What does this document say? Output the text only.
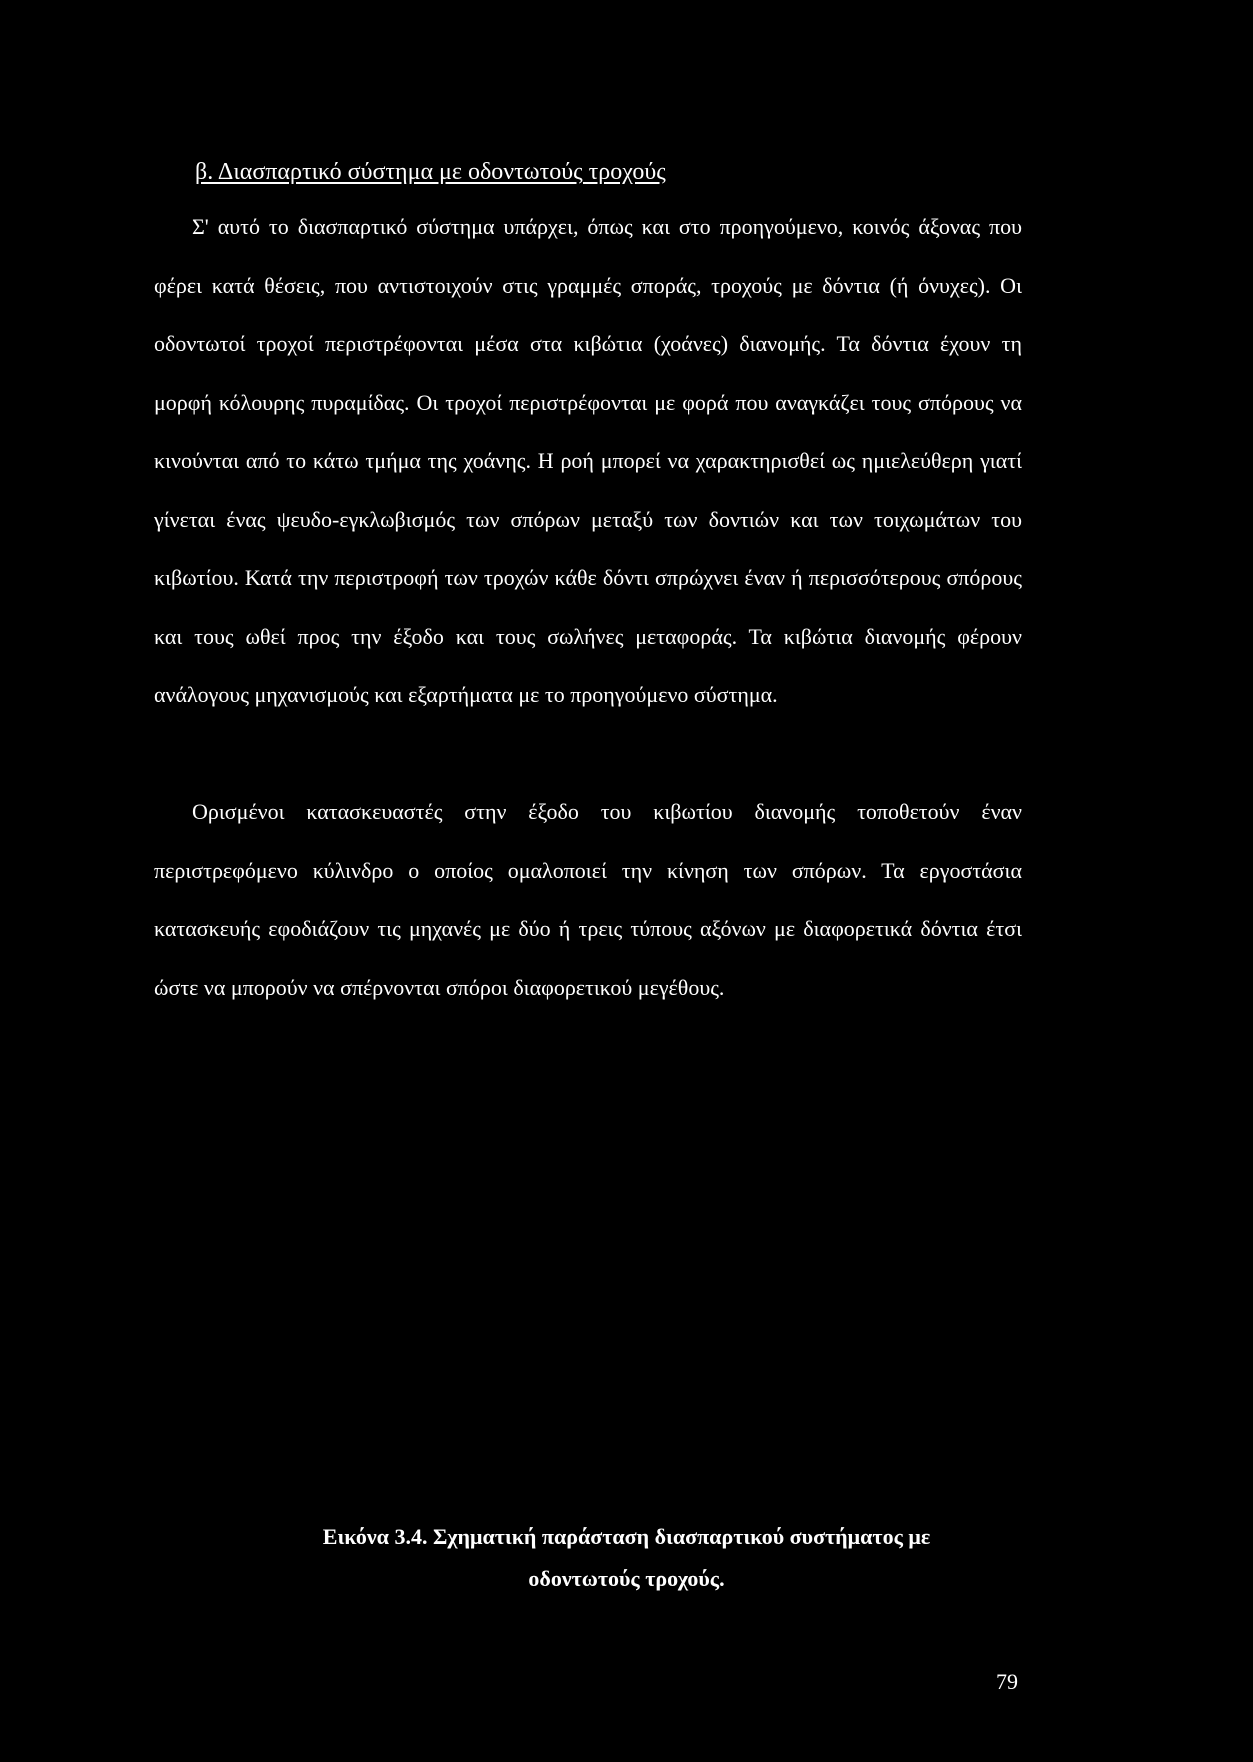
β. Διασπαρτικό σύστημα με οδοντωτούς τροχούς

Σ' αυτό το διασπαρτικό σύστημα υπάρχει, όπως και στο προηγούμενο, κοινός άξονας που φέρει κατά θέσεις, που αντιστοιχούν στις γραμμές σποράς, τροχούς με δόντια (ή όνυχες). Οι οδοντωτοί τροχοί περιστρέφονται μέσα στα κιβώτια (χοάνες) διανομής. Τα δόντια έχουν τη μορφή κόλουρης πυραμίδας. Οι τροχοί περιστρέφονται με φορά που αναγκάζει τους σπόρους να κινούνται από το κάτω τμήμα της χοάνης. Η ροή μπορεί να χαρακτηρισθεί ως ημιελεύθερη γιατί γίνεται ένας ψευδο-εγκλωβισμός των σπόρων μεταξύ των δοντιών και των τοιχωμάτων του κιβωτίου. Κατά την περιστροφή των τροχών κάθε δόντι σπρώχνει έναν ή περισσότερους σπόρους και τους ωθεί προς την έξοδο και τους σωλήνες μεταφοράς. Τα κιβώτια διανομής φέρουν ανάλογους μηχανισμούς και εξαρτήματα με το προηγούμενο σύστημα.

Ορισμένοι κατασκευαστές στην έξοδο του κιβωτίου διανομής τοποθετούν έναν περιστρεφόμενο κύλινδρο ο οποίος ομαλοποιεί την κίνηση των σπόρων. Τα εργοστάσια κατασκευής εφοδιάζουν τις μηχανές με δύο ή τρεις τύπους αξόνων με διαφορετικά δόντια έτσι ώστε να μπορούν να σπέρνονται σπόροι διαφορετικού μεγέθους.

Εικόνα 3.4. Σχηματική παράσταση διασπαρτικού συστήματος με
οδοντωτούς τροχούς.

79
